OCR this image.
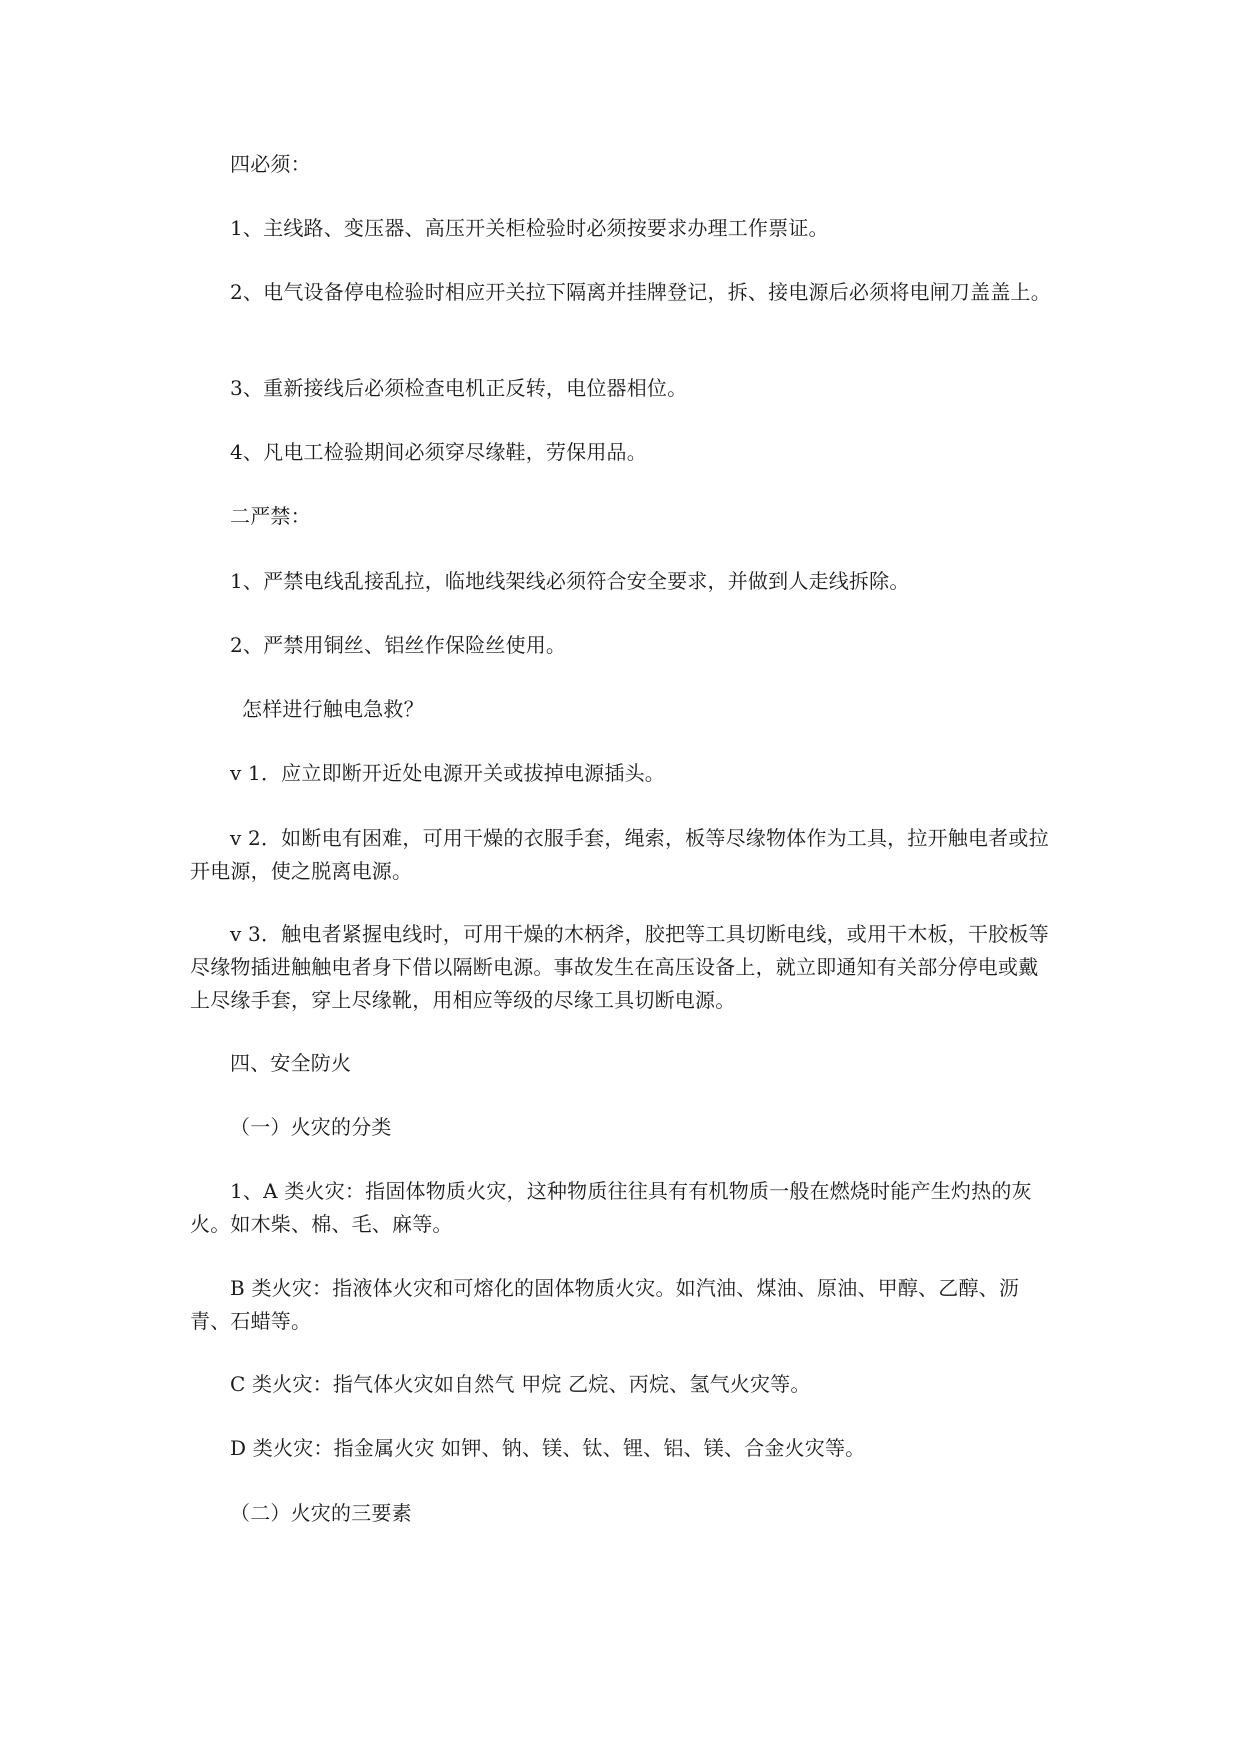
四必须：

1、主线路、变压器、高压开关柜检验时必须按要求办理工作票证。

2、电气设备停电检验时相应开关拉下隔离并挂牌登记，拆、接电源后必须将电闸刀盖盖上。

3、重新接线后必须检查电机正反转，电位器相位。

4、凡电工检验期间必须穿尽缘鞋，劳保用品。

二严禁：

1、严禁电线乱接乱拉，临地线架线必须符合安全要求，并做到人走线拆除。

2、严禁用铜丝、铝丝作保险丝使用。

怎样进行触电急救？

v 1．应立即断开近处电源开关或拔掉电源插头。

v 2．如断电有困难，可用干燥的衣服手套，绳索，板等尽缘物体作为工具，拉开触电者或拉开电源，使之脱离电源。

v 3．触电者紧握电线时，可用干燥的木柄斧，胶把等工具切断电线，或用干木板，干胶板等尽缘物插进触触电者身下借以隔断电源。事故发生在高压设备上，就立即通知有关部分停电或戴上尽缘手套，穿上尽缘靴，用相应等级的尽缘工具切断电源。

四、安全防火

（一）火灾的分类

1、A 类火灾：指固体物质火灾，这种物质往往具有有机物质一般在燃烧时能产生灼热的灰火。如木柴、棉、毛、麻等。

B 类火灾：指液体火灾和可熔化的固体物质火灾。如汽油、煤油、原油、甲醇、乙醇、沥青、石蜡等。

C 类火灾：指气体火灾如自然气 甲烷 乙烷、丙烷、氢气火灾等。

D 类火灾：指金属火灾 如钾、钠、镁、钛、锂、铝、镁、合金火灾等。

（二）火灾的三要素
